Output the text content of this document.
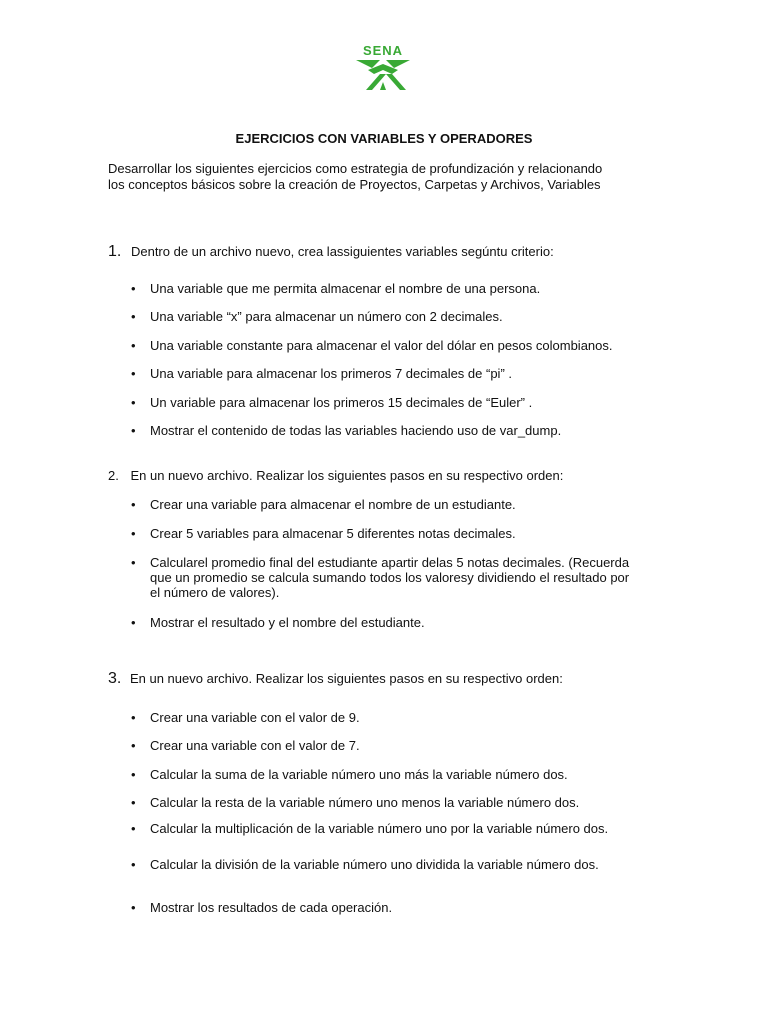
SENA
EJERCICIOS CON VARIABLES Y OPERADORES
Desarrollar los siguientes ejercicios como estrategia de profundización y relacionando
los conceptos básicos sobre la creación de Proyectos, Carpetas y Archivos, Variables
1. Dentro de un archivo nuevo, crea lassiguientes variables segúntu criterio:
• Una variable que me permita almacenar el nombre de una persona.
• Una variable “x” para almacenar un número con 2 decimales.
• Una variable constante para almacenar el valor del dólar en pesos colombianos.
• Una variable para almacenar los primeros 7 decimales de “pi” .
• Un variable para almacenar los primeros 15 decimales de “Euler” .
• Mostrar el contenido de todas las variables haciendo uso de var_dump.
2. En un nuevo archivo. Realizar los siguientes pasos en su respectivo orden:
• Crear una variable para almacenar el nombre de un estudiante.
• Crear 5 variables para almacenar 5 diferentes notas decimales.
• Calcularel promedio final del estudiante apartir delas 5 notas decimales. (Recuerda
que un promedio se calcula sumando todos los valoresy dividiendo el resultado por
el número de valores).
• Mostrar el resultado y el nombre del estudiante.
3. En un nuevo archivo. Realizar los siguientes pasos en su respectivo orden:
• Crear una variable con el valor de 9.
• Crear una variable con el valor de 7.
• Calcular la suma de la variable número uno más la variable número dos.
• Calcular la resta de la variable número uno menos la variable número dos.
• Calcular la multiplicación de la variable número uno por la variable número dos.
• Calcular la división de la variable número uno dividida la variable número dos.
• Mostrar los resultados de cada operación.
